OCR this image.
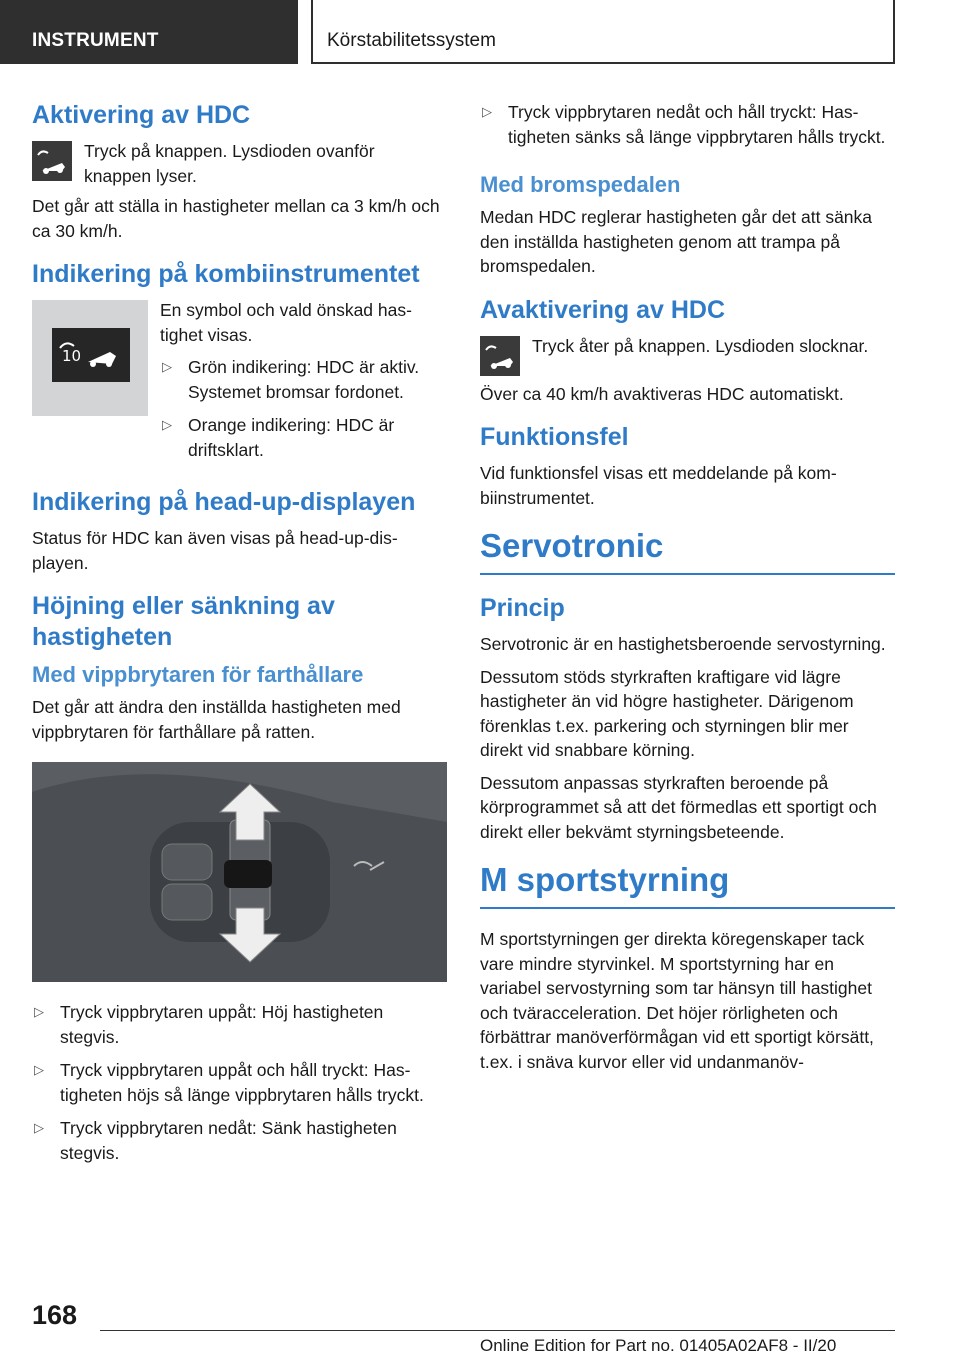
INSTRUMENT	Körstabilitetssystem
Aktivering av HDC

Tryck på knappen. Lysdioden ovanför knappen lyser.

Det går att ställa in hastigheter mellan ca 3 km/h och ca 30 km/h.

Indikering på kombiinstrumentet
10

En symbol och vald önskad hastighet visas.

▷ Grön indikering: HDC är aktiv. Systemet bromsar fordonet.
▷ Orange indikering: HDC är driftsklart.
Indikering på head-up-displayen

Status för HDC kan även visas på head-up-displayen.

Höjning eller sänkning av hastigheten
Med vippbrytaren för farthållare

Det går att ändra den inställda hastigheten med vippbrytaren för farthållare på ratten.

▷ Tryck vippbrytaren uppåt: Höj hastigheten stegvis.
▷ Tryck vippbrytaren uppåt och håll tryckt: Hastigheten höjs så länge vippbrytaren hålls tryckt.
▷ Tryck vippbrytaren nedåt: Sänk hastigheten stegvis.
▷ Tryck vippbrytaren nedåt och håll tryckt: Hastigheten sänks så länge vippbrytaren hålls tryckt.
Med bromspedalen

Medan HDC reglerar hastigheten går det att sänka den inställda hastigheten genom att trampa på bromspedalen.

Avaktivering av HDC

Tryck åter på knappen. Lysdioden slocknar.

Över ca 40 km/h avaktiveras HDC automatiskt.

Funktionsfel

Vid funktionsfel visas ett meddelande på kombiinstrumentet.

Servotronic
Princip

Servotronic är en hastighetsberoende servostyrning.

Dessutom stöds styrkraften kraftigare vid lägre hastigheter än vid högre hastigheter. Därigenom förenklas t.ex. parkering och styrningen blir mer direkt vid snabbare körning.

Dessutom anpassas styrkraften beroende på körprogrammet så att det förmedlas ett sportigt och direkt eller bekvämt styrningsbeteende.

M sportstyrning

M sportstyrningen ger direkta köregenskaper tack vare mindre styrvinkel. M sportstyrning har en variabel servostyrning som tar hänsyn till hastighet och tväracceleration. Det höjer rörligheten och förbättrar manöverförmågan vid ett sportigt körsätt, t.ex. i snäva kurvor eller vid undanmanöv-

168
Online Edition for Part no. 01405A02AF8 - II/20
